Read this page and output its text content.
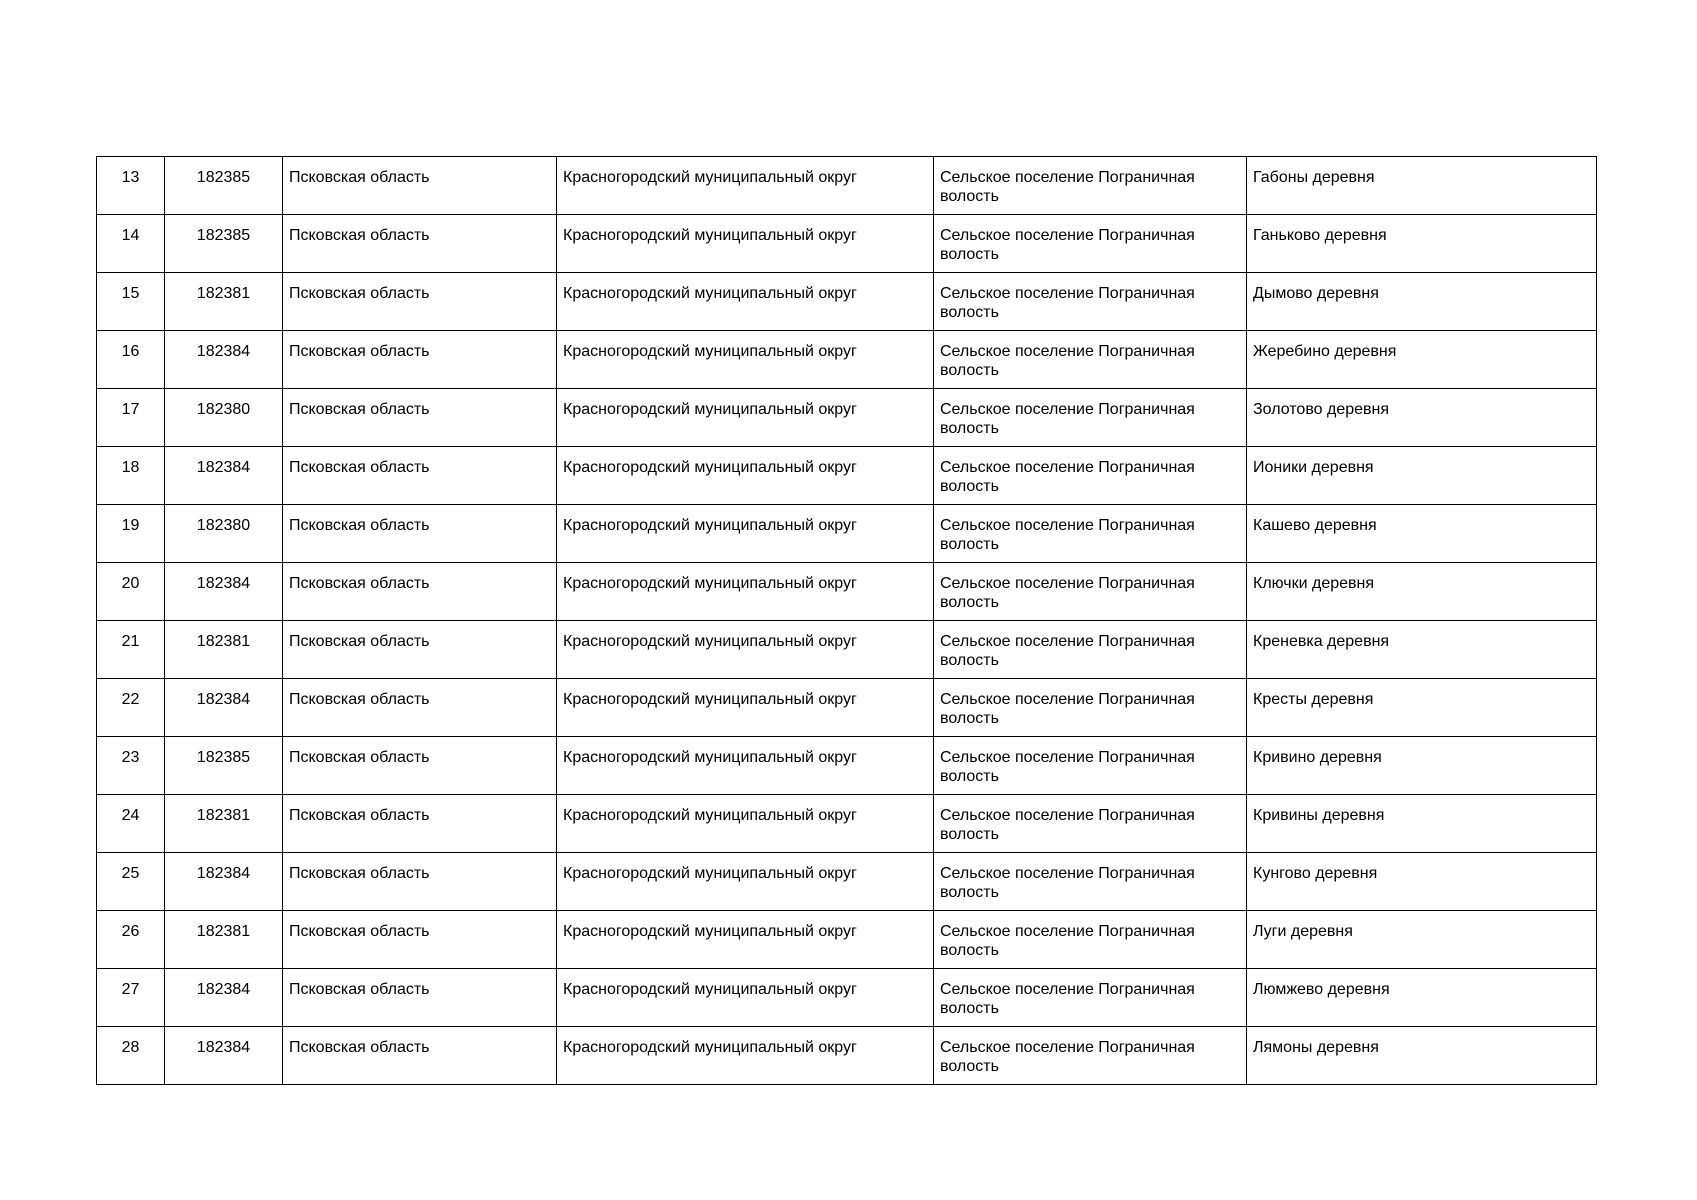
13	182385	Псковская область	Красногородский муниципальный округ	Сельское поселение Пограничная волость	Габоны деревня
14	182385	Псковская область	Красногородский муниципальный округ	Сельское поселение Пограничная волость	Ганьково деревня
15	182381	Псковская область	Красногородский муниципальный округ	Сельское поселение Пограничная волость	Дымово деревня
16	182384	Псковская область	Красногородский муниципальный округ	Сельское поселение Пограничная волость	Жеребино деревня
17	182380	Псковская область	Красногородский муниципальный округ	Сельское поселение Пограничная волость	Золотово деревня
18	182384	Псковская область	Красногородский муниципальный округ	Сельское поселение Пограничная волость	Ионики деревня
19	182380	Псковская область	Красногородский муниципальный округ	Сельское поселение Пограничная волость	Кашево деревня
20	182384	Псковская область	Красногородский муниципальный округ	Сельское поселение Пограничная волость	Ключки деревня
21	182381	Псковская область	Красногородский муниципальный округ	Сельское поселение Пограничная волость	Креневка деревня
22	182384	Псковская область	Красногородский муниципальный округ	Сельское поселение Пограничная волость	Кресты деревня
23	182385	Псковская область	Красногородский муниципальный округ	Сельское поселение Пограничная волость	Кривино деревня
24	182381	Псковская область	Красногородский муниципальный округ	Сельское поселение Пограничная волость	Кривины деревня
25	182384	Псковская область	Красногородский муниципальный округ	Сельское поселение Пограничная волость	Кунгово деревня
26	182381	Псковская область	Красногородский муниципальный округ	Сельское поселение Пограничная волость	Луги деревня
27	182384	Псковская область	Красногородский муниципальный округ	Сельское поселение Пограничная волость	Люмжево деревня
28	182384	Псковская область	Красногородский муниципальный округ	Сельское поселение Пограничная волость	Лямоны деревня
